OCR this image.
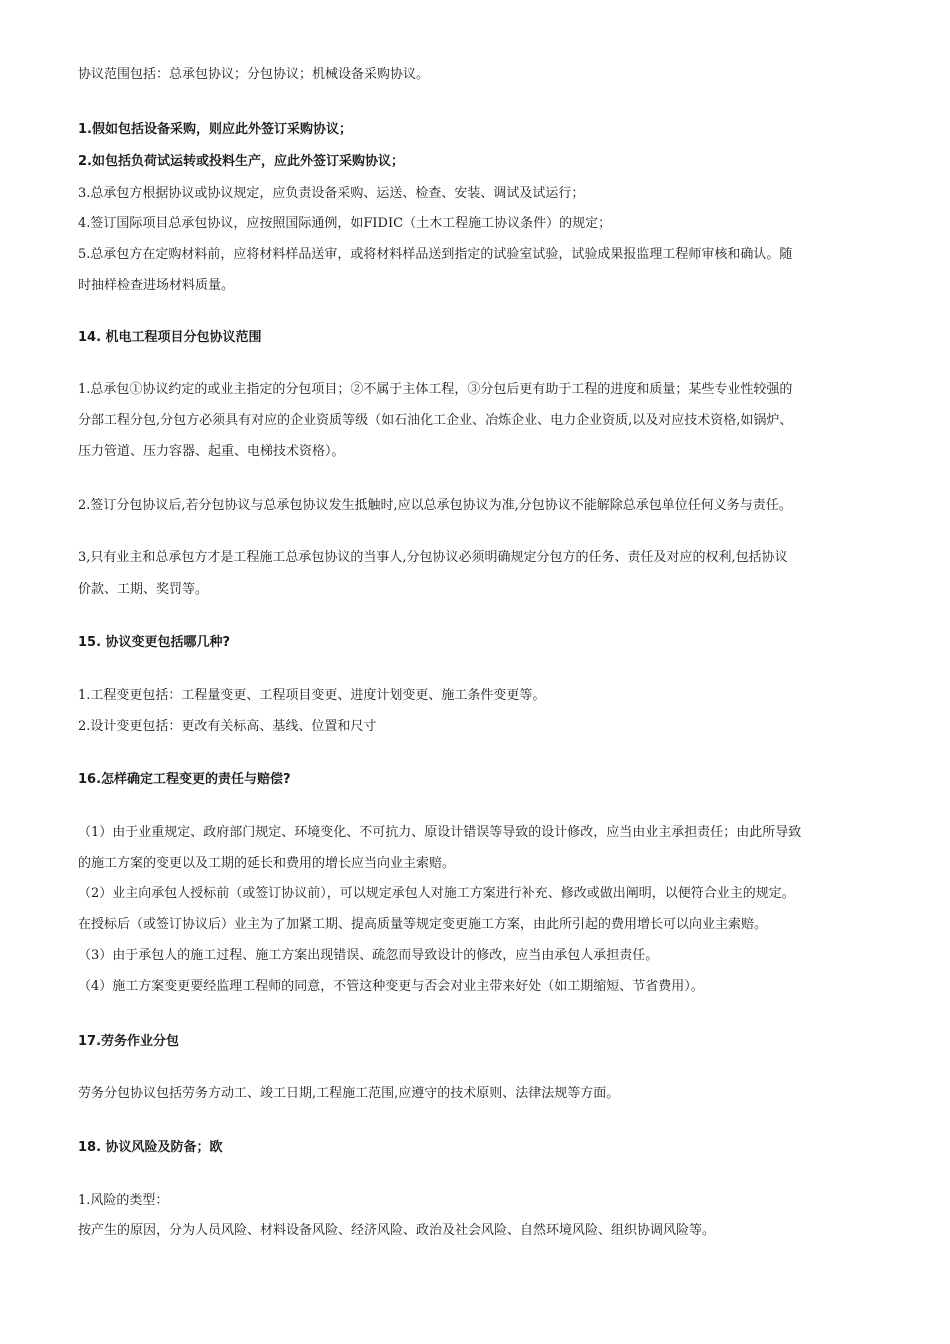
协议范围包括：总承包协议；分包协议；机械设备采购协议。
1.假如包括设备采购，则应此外签订采购协议；
2.如包括负荷试运转或投料生产，应此外签订采购协议；
3.总承包方根据协议或协议规定，应负责设备采购、运送、检查、安装、调试及试运行；
4.签订国际项目总承包协议，应按照国际通例，如FIDIC（土木工程施工协议条件）的规定；
5.总承包方在定购材料前，应将材料样品送审，或将材料样品送到指定的试验室试验，试验成果报监理工程师审核和确认。随
时抽样检查进场材料质量。
14. 机电工程项目分包协议范围
1.总承包①协议约定的或业主指定的分包项目；②不属于主体工程，③分包后更有助于工程的进度和质量；某些专业性较强的
分部工程分包,分包方必须具有对应的企业资质等级（如石油化工企业、冶炼企业、电力企业资质,以及对应技术资格,如锅炉、
压力管道、压力容器、起重、电梯技术资格）。
2.签订分包协议后,若分包协议与总承包协议发生抵触时,应以总承包协议为准,分包协议不能解除总承包单位任何义务与责任。
3,只有业主和总承包方才是工程施工总承包协议的当事人,分包协议必须明确规定分包方的任务、责任及对应的权利,包括协议
价款、工期、奖罚等。
15. 协议变更包括哪几种?
1.工程变更包括：工程量变更、工程项目变更、进度计划变更、施工条件变更等。
2.设计变更包括：更改有关标高、基线、位置和尺寸
16.怎样确定工程变更的责任与赔偿?
（1）由于业重规定、政府部门规定、环境变化、不可抗力、原设计错误等导致的设计修改，应当由业主承担责任；由此所导致
的施工方案的变更以及工期的延长和费用的增长应当向业主索赔。
（2）业主向承包人授标前（或签订协议前），可以规定承包人对施工方案进行补充、修改或做出阐明，以便符合业主的规定。
在授标后（或签订协议后）业主为了加紧工期、提高质量等规定变更施工方案，由此所引起的费用增长可以向业主索赔。
（3）由于承包人的施工过程、施工方案出现错误、疏忽而导致设计的修改，应当由承包人承担责任。
（4）施工方案变更要经监理工程师的同意，不管这种变更与否会对业主带来好处（如工期缩短、节省费用）。
17.劳务作业分包
劳务分包协议包括劳务方动工、竣工日期,工程施工范围,应遵守的技术原则、法律法规等方面。
18. 协议风险及防备；欧
1.风险的类型：
按产生的原因，分为人员风险、材料设备风险、经济风险、政治及社会风险、自然环境风险、组织协调风险等。
